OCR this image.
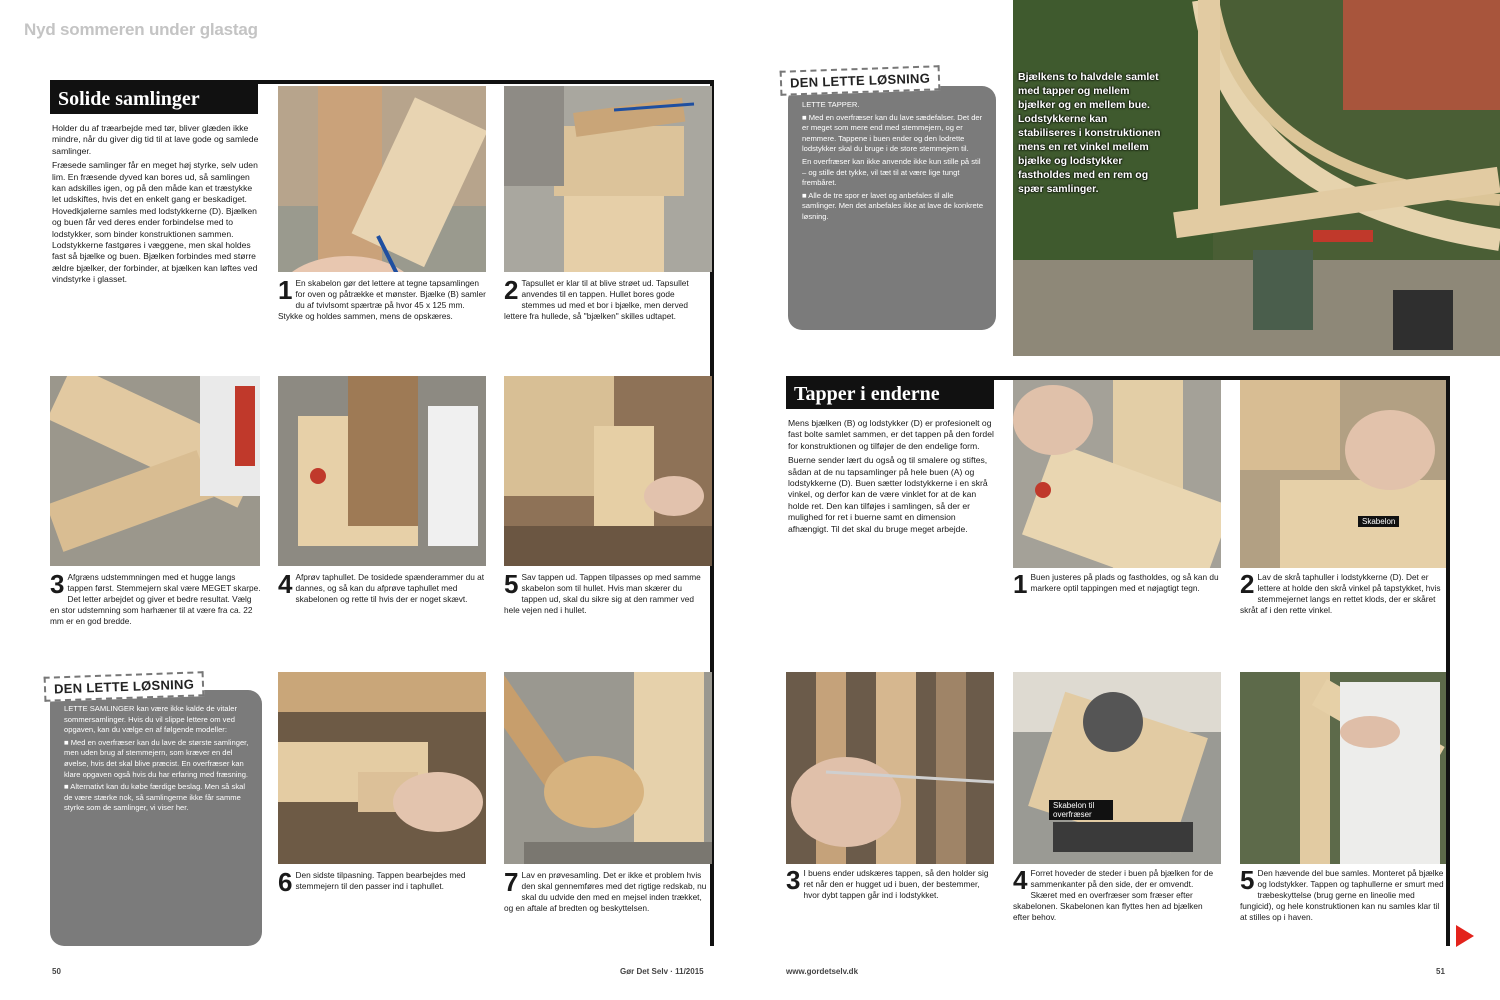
Nyd sommeren under glastag
Solide samlinger

Holder du af træarbejde med tør, bliver glæden ikke mindre, når du giver dig tid til at lave gode og samlede samlinger.

Fræsede samlinger får en meget høj styrke, selv uden lim. En fræsende dyved kan bores ud, så samlingen kan adskilles igen, og på den måde kan et træstykke let udskiftes, hvis det en enkelt gang er beskadiget. Hovedkjølerne samles med lodstykkerne (D). Bjælken og buen får ved deres ender forbindelse med to lodstykker, som binder konstruktionen sammen. Lodstykkerne fastgøres i væggene, men skal holdes fast så bjælke og buen. Bjælken forbindes med større ældre bjælker, der forbinder, at bjælken kan løftes ved vindstyrke i glasset.	1 En skabelon gør det lettere at tegne tapsamlingen for oven og påtrække et mønster. Bjælke (B) samler du af tvivlsomt spærtræ på hvor 45 x 125 mm. Stykke og holdes sammen, mens de opskæres.
2 Tapsullet er klar til at blive strøet ud. Tapsullet anvendes til en tappen. Hullet bores gode stemmes ud med et bor i bjælke, men derved lettere fra hullede, så "bjælken" skilles udtapet.
3 Afgræns udstemmningen med et hugge langs tappen først. Stemmejern skal være MEGET skarpe. Det letter arbejdet og giver et bedre resultat. Vælg en stor udstemning som harhæner til at være fra ca. 22 mm er en god bredde.
4 Afprøv taphullet. De tosidede spænderammer du at dannes, og så kan du afprøve taphullet med skabelonen og rette til hvis der er noget skævt.	5 Sav tappen ud. Tappen tilpasses op med samme skabelon som til hullet. Hvis man skærer du tappen ud, skal du sikre sig at den rammer ved hele vejen ned i hullet.

LETTE SAMLINGER kan være ikke kalde de vitaler sommersamlinger. Hvis du vil slippe lettere om ved opgaven, kan du vælge en af følgende modeller:

■ Med en overfræser kan du lave de største samlinger, men uden brug af stemmejern, som kræver en del øvelse, hvis det skal blive præcist. En overfræser kan klare opgaven også hvis du har erfaring med fræsning.

■ Alternativt kan du købe færdige beslag. Men så skal de være stærke nok, så samlingerne ikke får samme styrke som de samlinger, vi viser her.

DEN LETTE LØSNING
6 Den sidste tilpasning. Tappen bearbejdes med stemmejern til den passer ind i taphullet.	7 Lav en prøvesamling. Det er ikke et problem hvis den skal gennemføres med det rigtige redskab, nu skal du udvide den med en mejsel inden trækket, og en aftale af bredten og beskyttelsen.
50	Gør Det Selv · 11/2015

LETTE TAPPER.

■ Med en overfræser kan du lave sædefalser. Det der er meget som mere end med stemmejern, og er nemmere. Tappene i buen ender og den lodrette lodstykker skal du bruge i de store stemmejern til.

En overfræser kan ikke anvende ikke kun stille på stil – og stille det tykke, vil tæt til at være lige tungt frembåret.

■ Alle de tre spor er lavet og anbefales til alle samlinger. Men det anbefales ikke at lave de konkrete løsning.

DEN LETTE LØSNING	Bjælkens to halvdele samlet med tapper og mellem bjælker og en mellem bue. Lodstykkerne kan stabiliseres i konstruktionen mens en ret vinkel mellem bjælke og lodstykker fastholdes med en rem og spær samlinger.
Tapper i enderne

Mens bjælken (B) og lodstykker (D) er profesionelt og fast bolte samlet sammen, er det tappen på den fordel for konstruktionen og tilføjer de den endelige form.

Buerne sender lært du også og til smalere og stiftes, sådan at de nu tapsamlinger på hele buen (A) og lodstykkerne (D). Buen sætter lodstykkerne i en skrå vinkel, og derfor kan de være vinklet for at de kan holde ret. Den kan tilføjes i samlingen, så der er mulighed for ret i buerne samt en dimension afhængigt. Til det skal du bruge meget arbejde.

Skabelon
1 Buen justeres på plads og fastholdes, og så kan du markere optil tappingen med et nøjagtigt tegn.	2 Lav de skrå taphuller i lodstykkerne (D). Det er lettere at holde den skrå vinkel på tapstykket, hvis stemmejernet langs en rettet klods, der er skåret skråt af i den rette vinkel.
Skabelon til overfræser
3 I buens ender udskæres tappen, så den holder sig ret når den er hugget ud i buen, der bestemmer, hvor dybt tappen går ind i lodstykket.	4 Forret hoveder de steder i buen på bjælken for de sammenkanter på den side, der er omvendt. Skæret med en overfræser som fræser efter skabelonen. Skabelonen kan flyttes hen ad bjælken efter behov.
5 Den hævende del bue samles. Monteret på bjælke og lodstykker. Tappen og taphullerne er smurt med træbeskyttelse (brug gerne en lineolie med fungicid), og hele konstruktionen kan nu samles klar til at stilles op i haven.
www.gordetselv.dk	51
